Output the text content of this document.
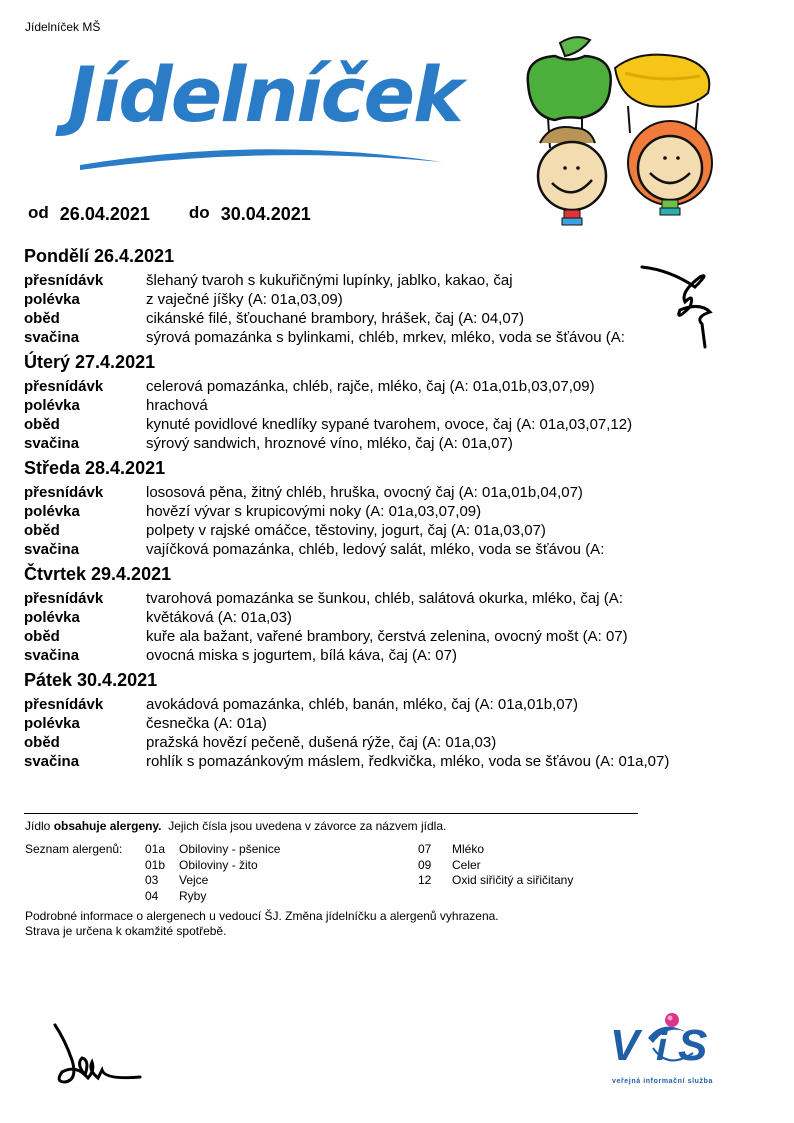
Jídelníček MŠ
Jídelníček
od 26.04.2021 do 30.04.2021
Pondělí 26.4.2021
přesnídávk	šlehaný tvaroh s kukuřičnými lupínky, jablko, kakao, čaj
polévka	z vaječné jíšky (A: 01a,03,09)
oběd	cikánské filé, šťouchané brambory, hrášek, čaj (A: 04,07)
svačina	sýrová pomazánka s bylinkami, chléb, mrkev, mléko, voda se šťávou (A:
Úterý 27.4.2021
přesnídávk	celerová pomazánka, chléb, rajče, mléko, čaj (A: 01a,01b,03,07,09)
polévka	hrachová
oběd	kynuté povidlové knedlíky sypané tvarohem, ovoce, čaj (A: 01a,03,07,12)
svačina	sýrový sandwich, hroznové víno, mléko, čaj (A: 01a,07)
Středa 28.4.2021
přesnídávk	lososová pěna, žitný chléb, hruška, ovocný čaj (A: 01a,01b,04,07)
polévka	hovězí vývar s krupicovými noky (A: 01a,03,07,09)
oběd	polpety v rajské omáčce, těstoviny, jogurt, čaj (A: 01a,03,07)
svačina	vajíčková pomazánka, chléb, ledový salát, mléko, voda se šťávou (A:
Čtvrtek 29.4.2021
přesnídávk	tvarohová pomazánka se šunkou, chléb, salátová okurka, mléko, čaj (A:
polévka	květáková (A: 01a,03)
oběd	kuře ala bažant, vařené brambory, čerstvá zelenina, ovocný mošt (A: 07)
svačina	ovocná miska s jogurtem, bílá káva, čaj (A: 07)
Pátek 30.4.2021
přesnídávk	avokádová pomazánka, chléb, banán, mléko, čaj (A: 01a,01b,07)
polévka	česnečka (A: 01a)
oběd	pražská hovězí pečeně, dušená rýže, čaj (A: 01a,03)
svačina	rohlík s pomazánkovým máslem, ředkvička, mléko, voda se šťávou (A: 01a,07)
Jídlo obsahuje alergeny. Jejich čísla jsou uvedena v závorce za názvem jídla.
Seznam alergenů: 01a	Obiloviny - pšenice
01b	Obiloviny - žito
03	Vejce
04	Ryby
07	Mléko
09	Celer
12	Oxid siřičitý a siřičitany
Podrobné informace o alergenech u vedoucí ŠJ. Změna jídelníčku a alergenů vyhrazena.
Strava je určena k okamžité spotřebě.
V i S
veřejná informační služba
